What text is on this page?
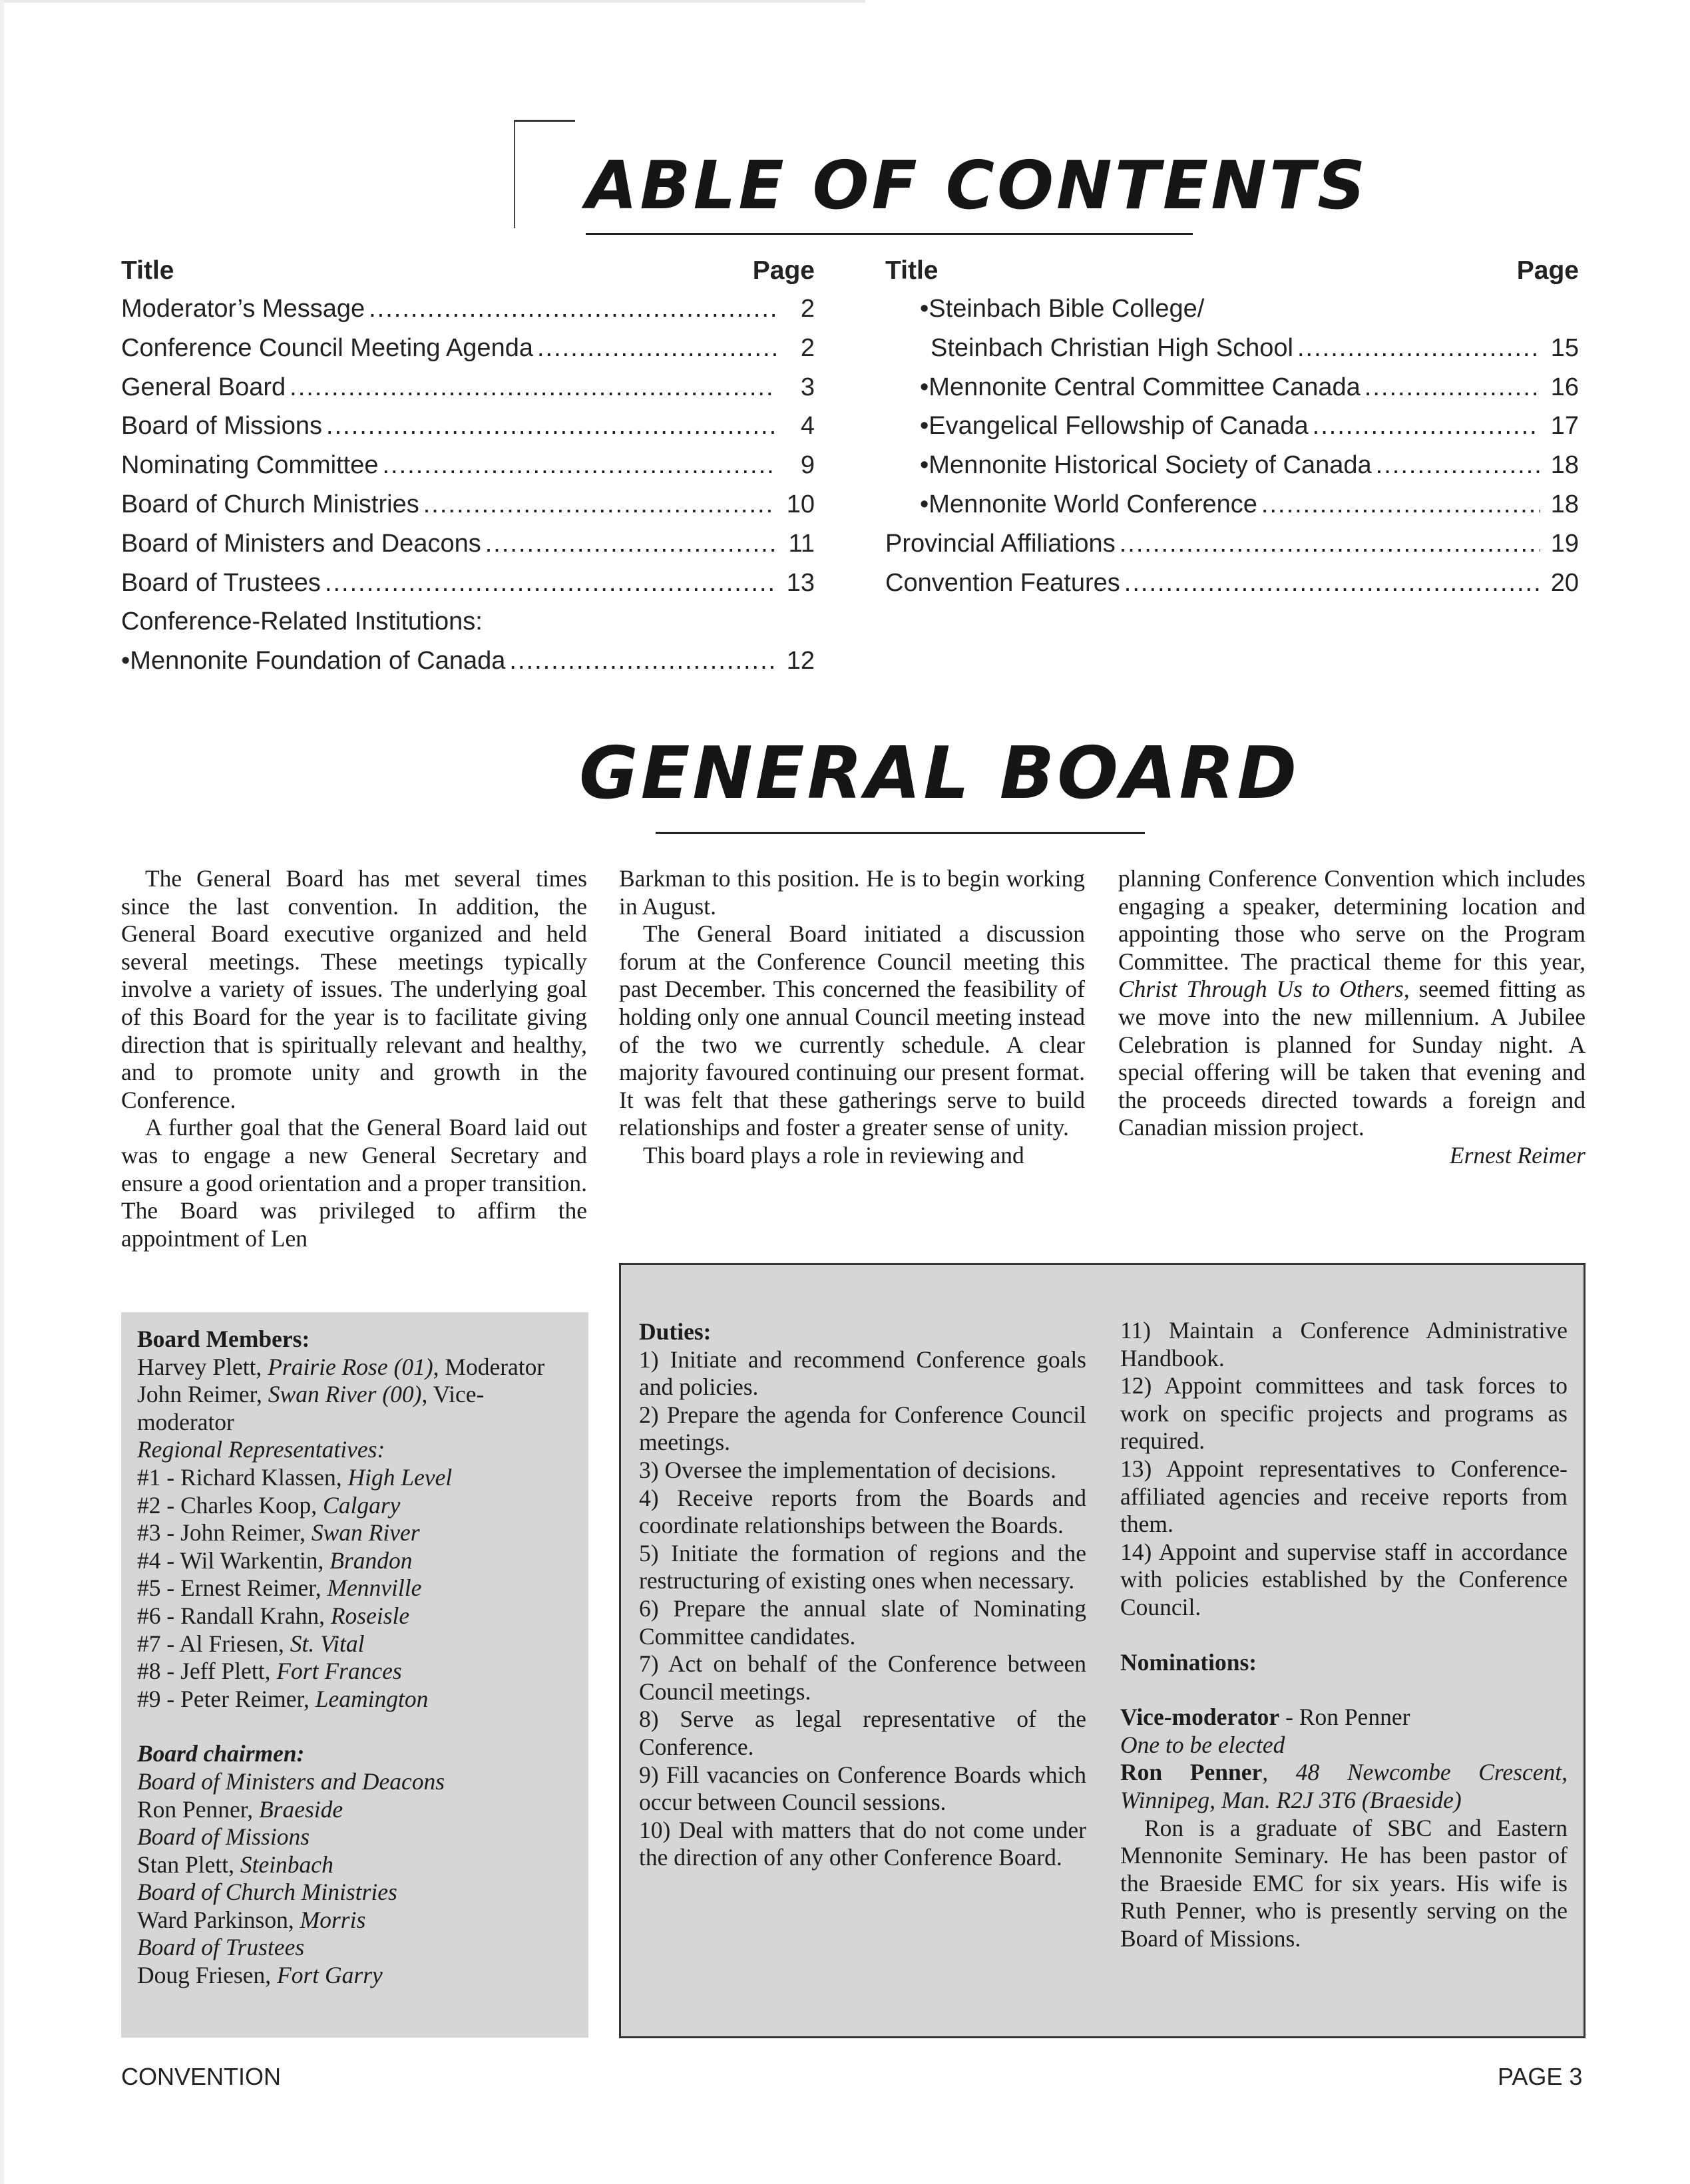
ABLE OF CONTENTS
Title	Page
Moderator’s Message .....	2
Conference Council Meeting Agenda .....	2
General Board .....	3
Board of Missions .....	4
Nominating Committee .....	9
Board of Church Ministries .....	10
Board of Ministers and Deacons .....	11
Board of Trustees .....	13
Conference-Related Institutions:
•Mennonite Foundation of Canada .....	12
Title	Page
•Steinbach Bible College/
Steinbach Christian High School .....	15
•Mennonite Central Committee Canada .....	16
•Evangelical Fellowship of Canada .....	17
•Mennonite Historical Society of Canada .....	18
•Mennonite World Conference .....	18
Provincial Affiliations .....	19
Convention Features .....	20
GENERAL BOARD

The General Board has met several times since the last convention. In addition, the General Board executive organized and held several meetings. These meetings typically involve a variety of issues. The underlying goal of this Board for the year is to facilitate giving direction that is spiritually relevant and healthy, and to promote unity and growth in the Conference.

A further goal that the General Board laid out was to engage a new General Secretary and ensure a good orientation and a proper transition. The Board was privileged to affirm the appointment of Len

Barkman to this position. He is to begin working in August.

The General Board initiated a discussion forum at the Conference Council meeting this past December. This concerned the feasibility of holding only one annual Council meeting instead of the two we currently schedule. A clear majority favoured continuing our present format. It was felt that these gatherings serve to build relationships and foster a greater sense of unity.

This board plays a role in reviewing and

planning Conference Convention which includes engaging a speaker, determining location and appointing those who serve on the Program Committee. The practical theme for this year, Christ Through Us to Others, seemed fitting as we move into the new millennium. A Jubilee Celebration is planned for Sunday night. A special offering will be taken that evening and the proceeds directed towards a foreign and Canadian mission project.

Ernest Reimer

Board Members:
Harvey Plett, Prairie Rose (01), Moderator
John Reimer, Swan River (00), Vice-moderator
Regional Representatives:
#1 - Richard Klassen, High Level
#2 - Charles Koop, Calgary
#3 - John Reimer, Swan River
#4 - Wil Warkentin, Brandon
#5 - Ernest Reimer, Mennville
#6 - Randall Krahn, Roseisle
#7 - Al Friesen, St. Vital
#8 - Jeff Plett, Fort Frances
#9 - Peter Reimer, Leamington
Board chairmen:
Board of Ministers and Deacons
Ron Penner, Braeside
Board of Missions
Stan Plett, Steinbach
Board of Church Ministries
Ward Parkinson, Morris
Board of Trustees
Doug Friesen, Fort Garry

Duties:

1) Initiate and recommend Conference goals and policies.

2) Prepare the agenda for Conference Council meetings.

3) Oversee the implementation of decisions.

4) Receive reports from the Boards and coordinate relationships between the Boards.

5) Initiate the formation of regions and the restructuring of existing ones when necessary.

6) Prepare the annual slate of Nominating Committee candidates.

7) Act on behalf of the Conference between Council meetings.

8) Serve as legal representative of the Conference.

9) Fill vacancies on Conference Boards which occur between Council sessions.

10) Deal with matters that do not come under the direction of any other Conference Board.

11) Maintain a Conference Administrative Handbook.

12) Appoint committees and task forces to work on specific projects and programs as required.

13) Appoint representatives to Conference-affiliated agencies and receive reports from them.

14) Appoint and supervise staff in accordance with policies established by the Conference Council.

Nominations:

Vice-moderator - Ron Penner

One to be elected

Ron Penner, 48 Newcombe Crescent, Winnipeg, Man. R2J 3T6 (Braeside)

Ron is a graduate of SBC and Eastern Mennonite Seminary. He has been pastor of the Braeside EMC for six years. His wife is Ruth Penner, who is presently serving on the Board of Missions.

CONVENTION	PAGE 3
